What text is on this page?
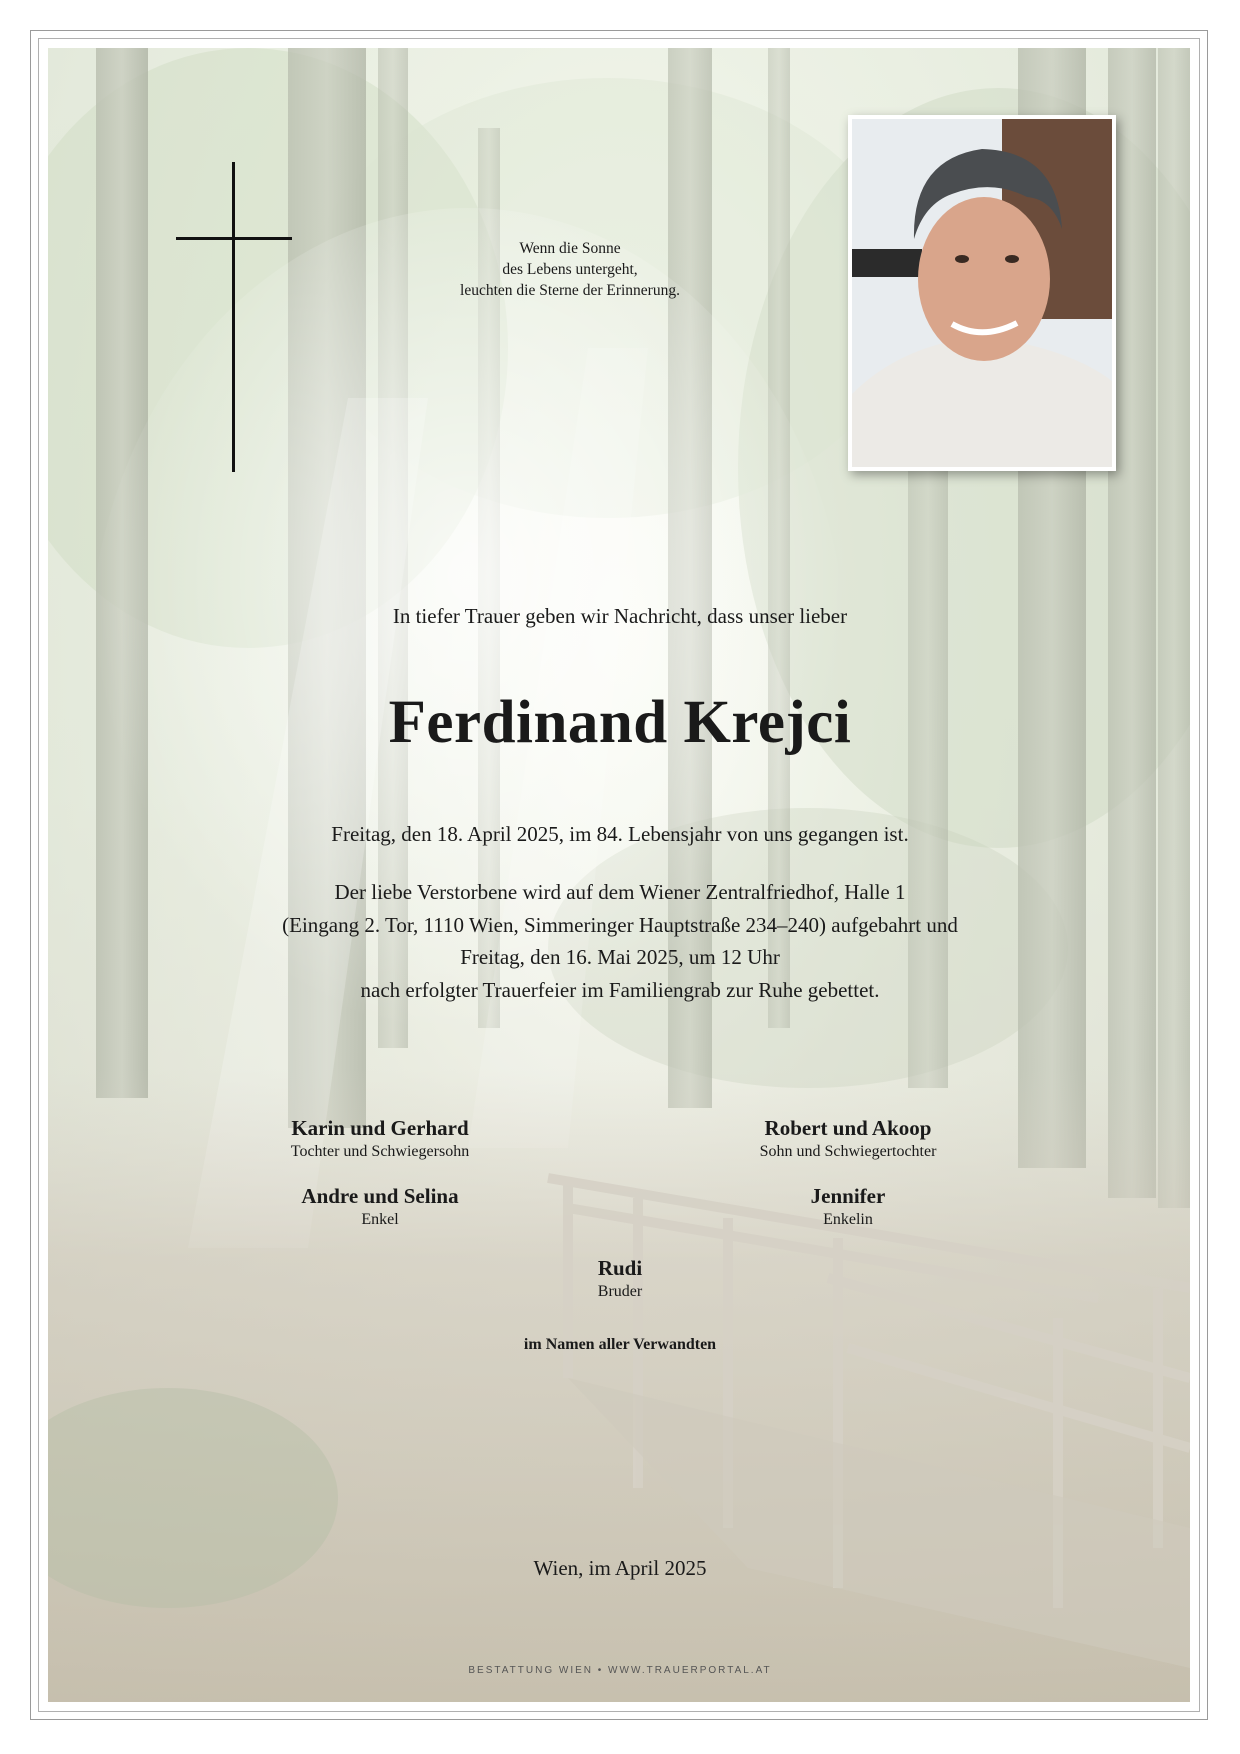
Wenn die Sonne
des Lebens untergeht,
leuchten die Sterne der Erinnerung.
In tiefer Trauer geben wir Nachricht, dass unser lieber
Ferdinand Krejci
Freitag, den 18. April 2025, im 84. Lebensjahr von uns gegangen ist.
Der liebe Verstorbene wird auf dem Wiener Zentralfriedhof, Halle 1
(Eingang 2. Tor, 1110 Wien, Simmeringer Hauptstraße 234–240) aufgebahrt und
Freitag, den 16. Mai 2025, um 12 Uhr
nach erfolgter Trauerfeier im Familiengrab zur Ruhe gebettet.
Karin und Gerhard
Tochter und Schwiegersohn
Robert und Akoop
Sohn und Schwiegertochter
Andre und Selina
Enkel
Jennifer
Enkelin
Rudi
Bruder
im Namen aller Verwandten
Wien, im April 2025
BESTATTUNG WIEN • WWW.TRAUERPORTAL.AT
